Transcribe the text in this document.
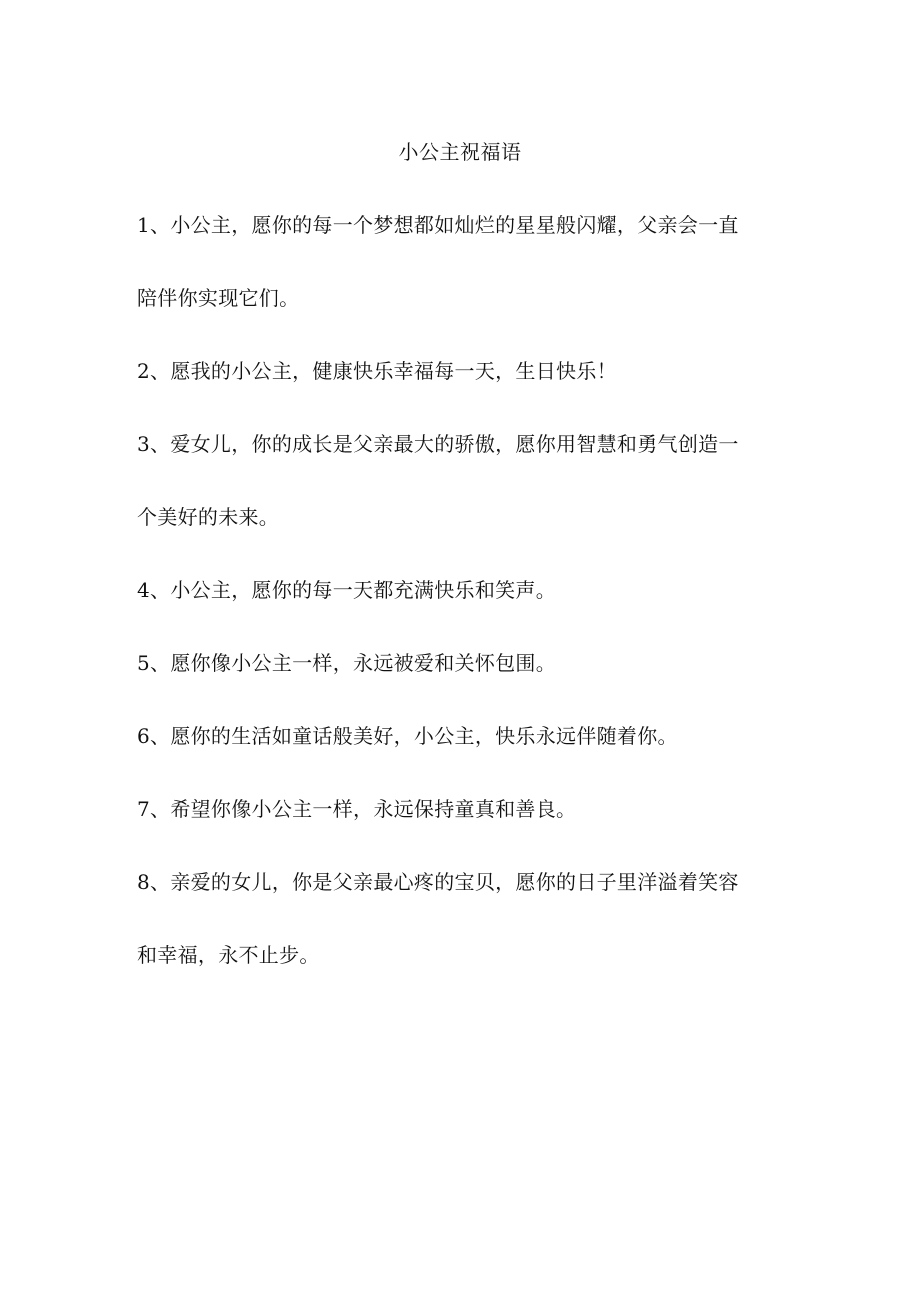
小公主祝福语

1、小公主，愿你的每一个梦想都如灿烂的星星般闪耀，父亲会一直
陪伴你实现它们。

2、愿我的小公主，健康快乐幸福每一天，生日快乐！

3、爱女儿，你的成长是父亲最大的骄傲，愿你用智慧和勇气创造一
个美好的未来。

4、小公主，愿你的每一天都充满快乐和笑声。

5、愿你像小公主一样，永远被爱和关怀包围。

6、愿你的生活如童话般美好，小公主，快乐永远伴随着你。

7、希望你像小公主一样，永远保持童真和善良。

8、亲爱的女儿，你是父亲最心疼的宝贝，愿你的日子里洋溢着笑容
和幸福，永不止步。
